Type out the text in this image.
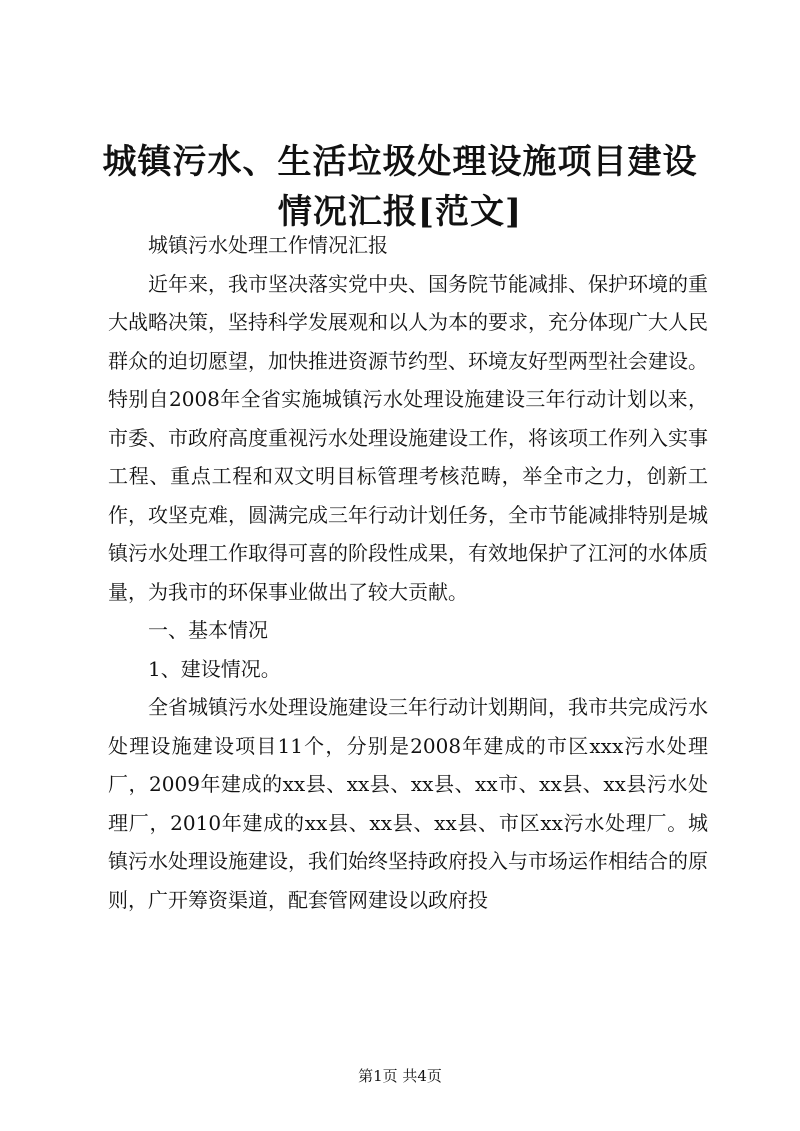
城镇污水、生活垃圾处理设施项目建设情况汇报[范文]

城镇污水处理工作情况汇报

近年来，我市坚决落实党中央、国务院节能减排、保护环境的重大战略决策，坚持科学发展观和以人为本的要求，充分体现广大人民群众的迫切愿望，加快推进资源节约型、环境友好型两型社会建设。特别自2008年全省实施城镇污水处理设施建设三年行动计划以来，市委、市政府高度重视污水处理设施建设工作，将该项工作列入实事工程、重点工程和双文明目标管理考核范畴，举全市之力，创新工作，攻坚克难，圆满完成三年行动计划任务，全市节能减排特别是城镇污水处理工作取得可喜的阶段性成果，有效地保护了江河的水体质量，为我市的环保事业做出了较大贡献。

一、基本情况

1、建设情况。

全省城镇污水处理设施建设三年行动计划期间，我市共完成污水处理设施建设项目11个，分别是2008年建成的市区xxx污水处理厂，2009年建成的xx县、xx县、xx县、xx市、xx县、xx县污水处理厂，2010年建成的xx县、xx县、xx县、市区xx污水处理厂。城镇污水处理设施建设，我们始终坚持政府投入与市场运作相结合的原则，广开筹资渠道，配套管网建设以政府投

第1页 共4页
